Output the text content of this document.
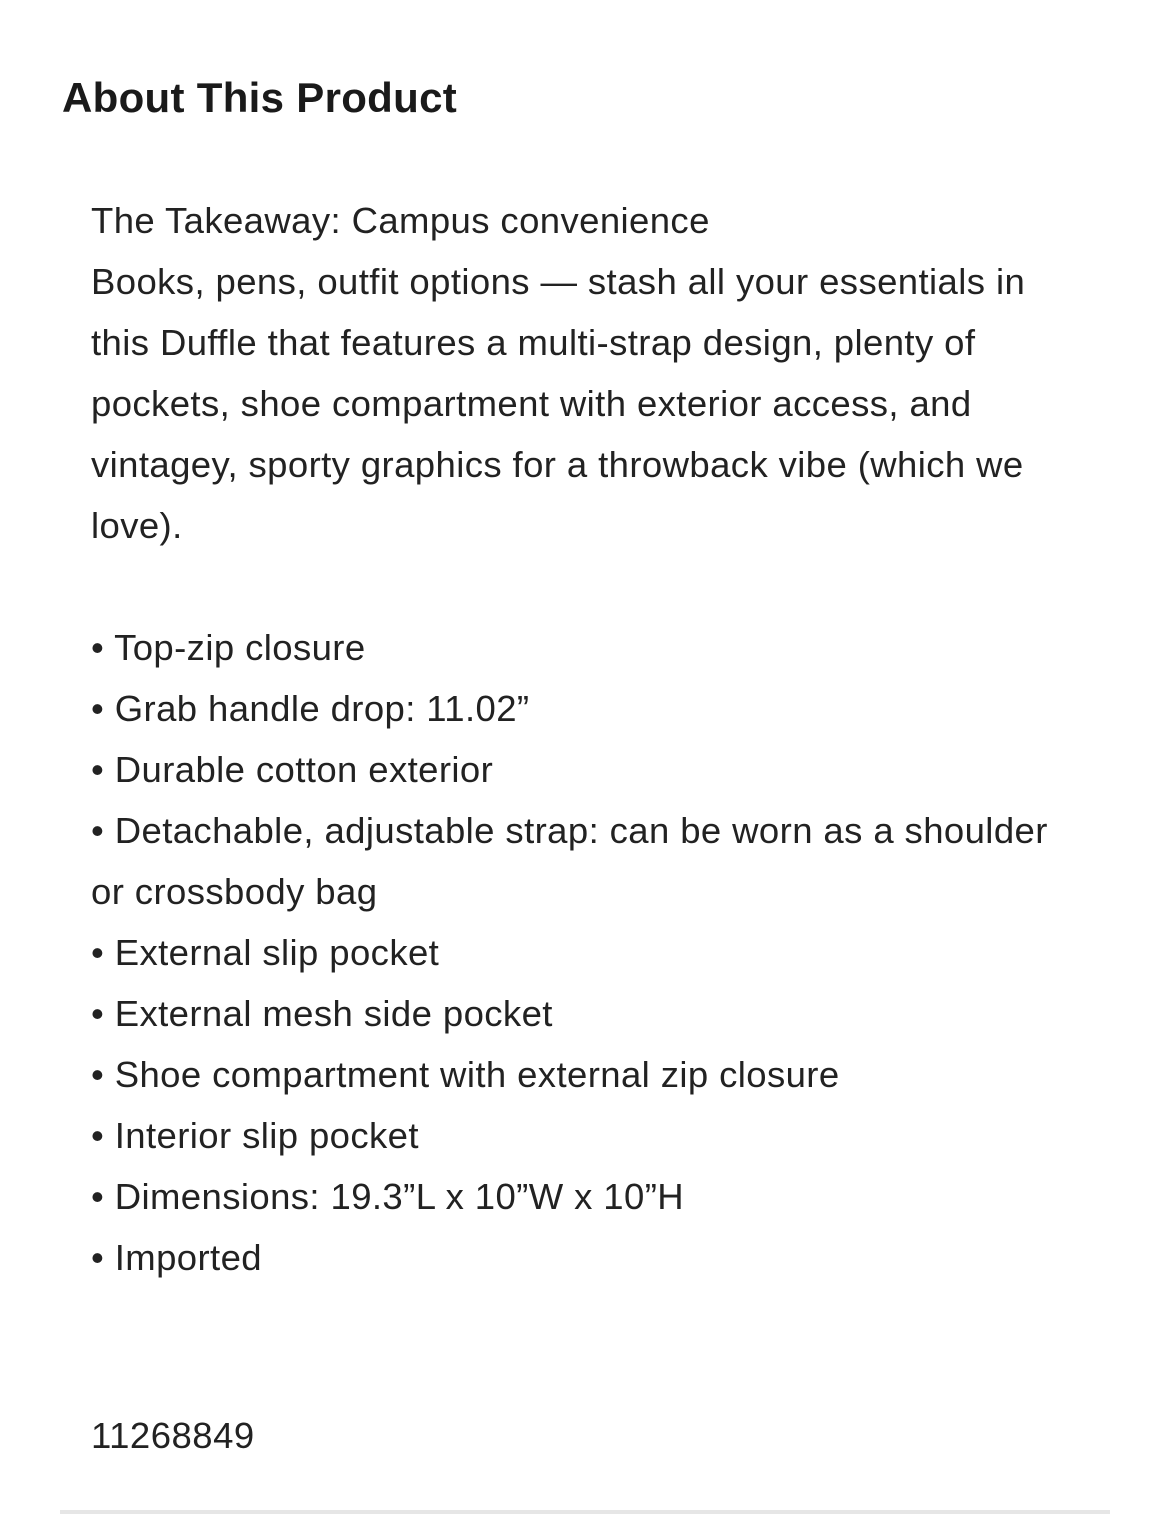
About This Product

The Takeaway: Campus convenience
Books, pens, outfit options — stash all your essentials in this Duffle that features a multi-strap design, plenty of pockets, shoe compartment with exterior access, and vintagey, sporty graphics for a throwback vibe (which we love).

• Top-zip closure
• Grab handle drop: 11.02”
• Durable cotton exterior
• Detachable, adjustable strap: can be worn as a shoulder or crossbody bag
• External slip pocket
• External mesh side pocket
• Shoe compartment with external zip closure
• Interior slip pocket
• Dimensions: 19.3”L x 10”W x 10”H
• Imported
11268849
